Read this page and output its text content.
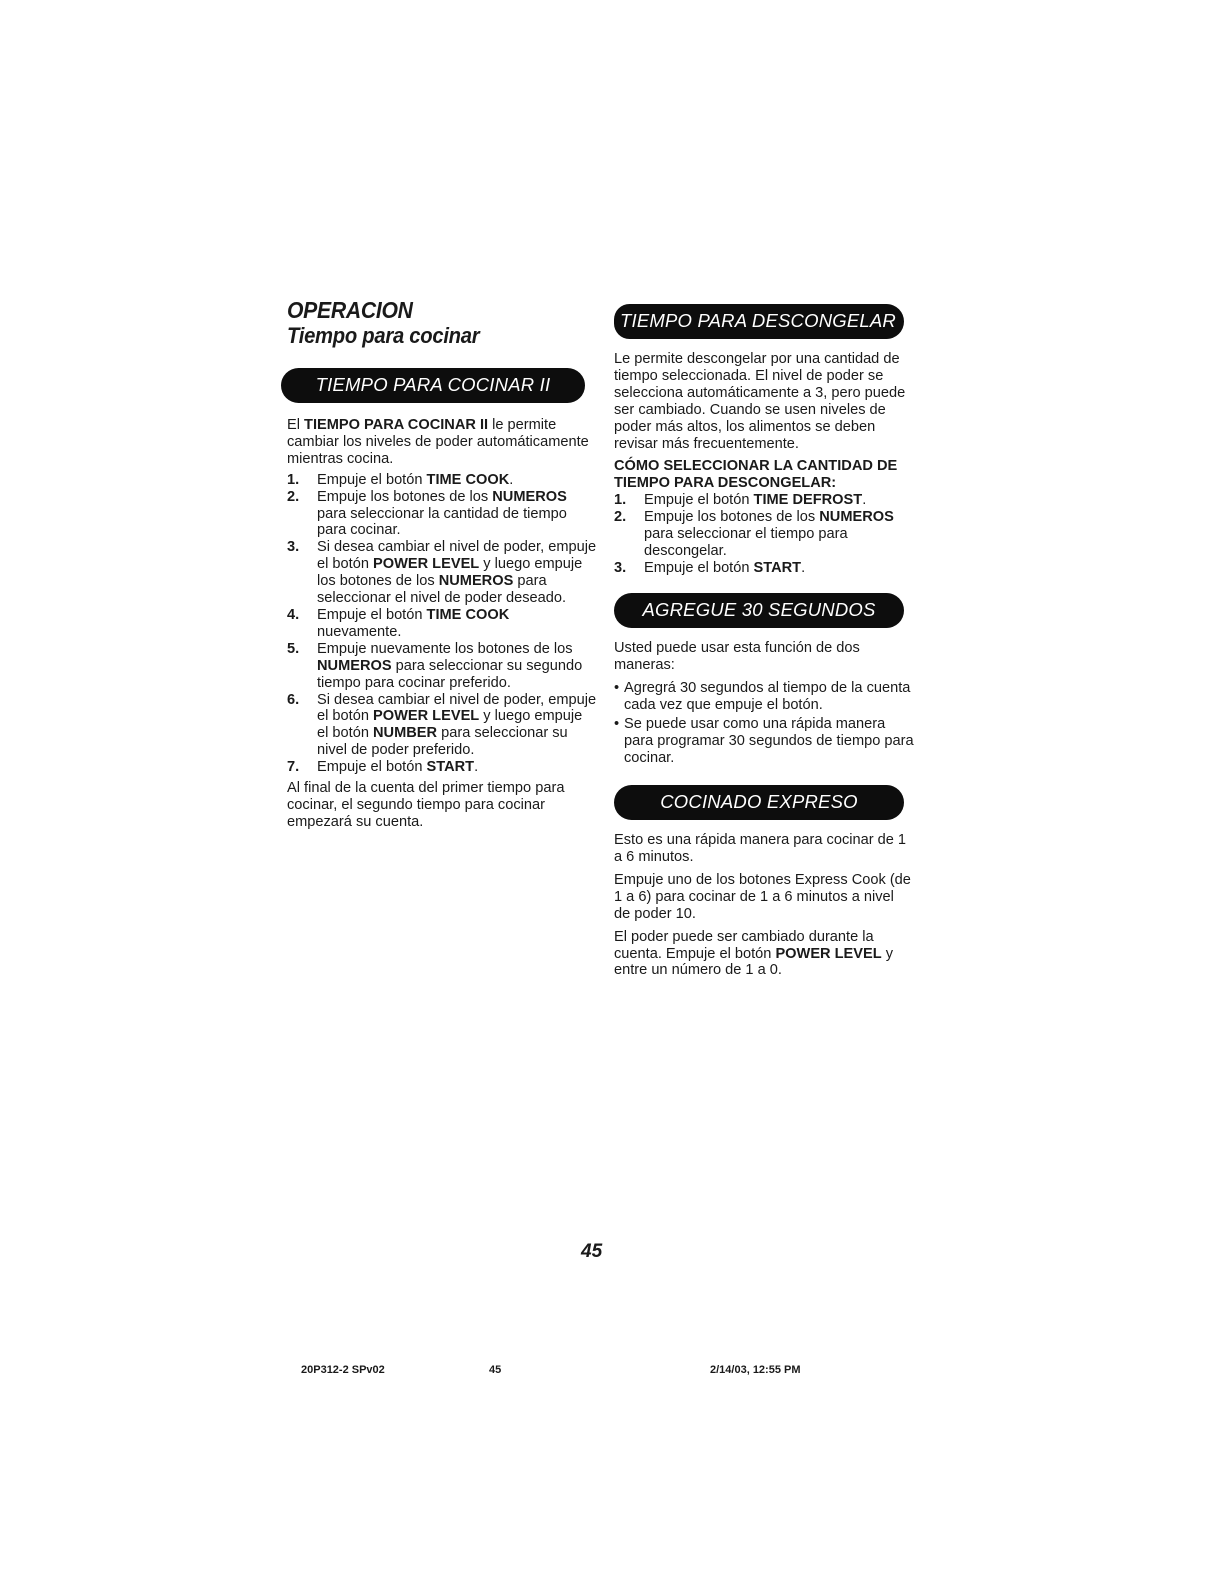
OPERACION
Tiempo para cocinar
TIEMPO PARA COCINAR II

El TIEMPO PARA COCINAR II le permite cambiar los niveles de poder automáticamente mientras cocina.

1.	Empuje el botón TIME COOK.
2.	Empuje los botones de los NUMEROS para seleccionar la cantidad de tiempo para cocinar.
3.	Si desea cambiar el nivel de poder, empuje el botón POWER LEVEL y luego empuje los botones de los NUMEROS para seleccionar el nivel de poder deseado.
4.	Empuje el botón TIME COOK nuevamente.
5.	Empuje nuevamente los botones de los NUMEROS para seleccionar su segundo tiempo para cocinar preferido.
6.	Si desea cambiar el nivel de poder, empuje el botón POWER LEVEL y luego empuje el botón NUMBER para seleccionar su nivel de poder preferido.
7.	Empuje el botón START.

Al final de la cuenta del primer tiempo para cocinar, el segundo tiempo para cocinar empezará su cuenta.

TIEMPO PARA DESCONGELAR

Le permite descongelar por una cantidad de tiempo seleccionada. El nivel de poder se selecciona automáticamente a 3, pero puede ser cambiado. Cuando se usen niveles de poder más altos, los alimentos se deben revisar más frecuentemente.

CÓMO SELECCIONAR LA CANTIDAD DE TIEMPO PARA DESCONGELAR:

1.	Empuje el botón TIME DEFROST.
2.	Empuje los botones de los NUMEROS para seleccionar el tiempo para descongelar.
3.	Empuje el botón START.
AGREGUE 30 SEGUNDOS

Usted puede usar esta función de dos maneras:

• Agregrá 30 segundos al tiempo de la cuenta cada vez que empuje el botón.
• Se puede usar como una rápida manera para programar 30 segundos de tiempo para cocinar.
COCINADO EXPRESO

Esto es una rápida manera para cocinar de 1 a 6 minutos.

Empuje uno de los botones Express Cook (de 1 a 6) para cocinar de 1 a 6 minutos a nivel de poder 10.

El poder puede ser cambiado durante la cuenta. Empuje el botón POWER LEVEL y entre un número de 1 a 0.

45
20P312-2 SPv02	45	2/14/03, 12:55 PM
